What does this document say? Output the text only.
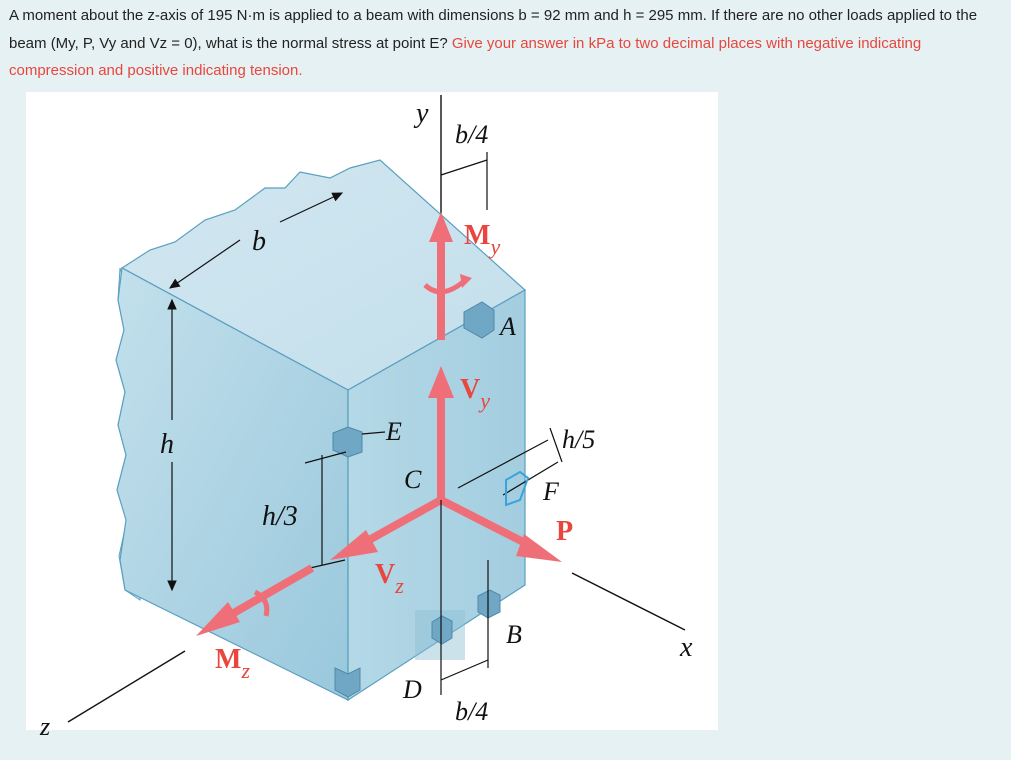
A moment about the z-axis of 195 N·m is applied to a beam with dimensions b = 92 mm and h = 295 mm. If there are no other loads applied to the beam (My, P, Vy and Vz = 0), what is the normal stress at point E? Give your answer in kPa to two decimal places with negative indicating compression and positive indicating tension.
b
h
y
b/4
$M_y$
A
$V_y$
E
h/3
C
h/5
F
P
$V_z$
$M_z$
B
D
b/4
x
z
